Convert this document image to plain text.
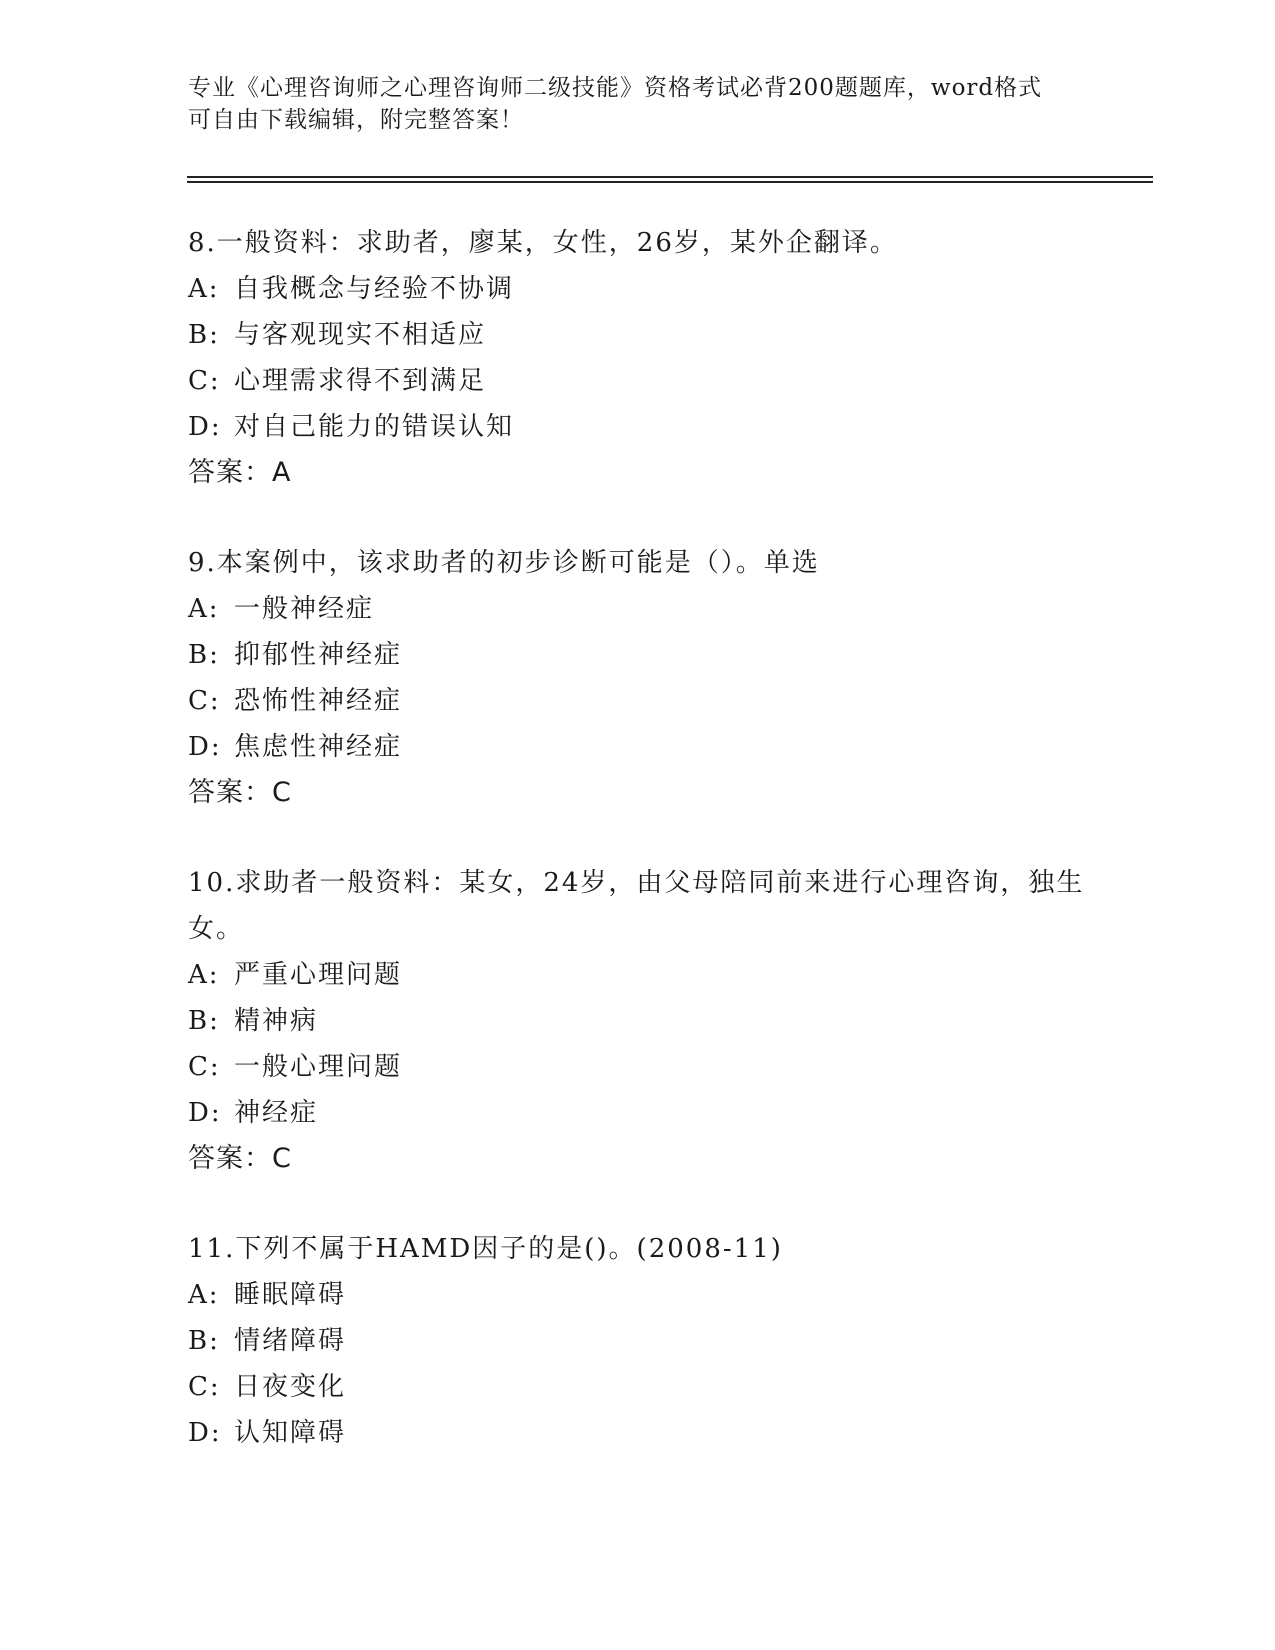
专业《心理咨询师之心理咨询师二级技能》资格考试必背200题题库，word格式
可自由下载编辑，附完整答案！
8.一般资料：求助者，廖某，女性，26岁，某外企翻译。
A: 自我概念与经验不协调
B: 与客观现实不相适应
C: 心理需求得不到满足
D: 对自己能力的错误认知
答案：A
9.本案例中，该求助者的初步诊断可能是（）。单选
A: 一般神经症
B: 抑郁性神经症
C: 恐怖性神经症
D: 焦虑性神经症
答案：C
10.求助者一般资料：某女，24岁，由父母陪同前来进行心理咨询，独生女。
A: 严重心理问题
B: 精神病
C: 一般心理问题
D: 神经症
答案：C
11.下列不属于HAMD因子的是()。(2008-11)
A: 睡眠障碍
B: 情绪障碍
C: 日夜变化
D: 认知障碍
